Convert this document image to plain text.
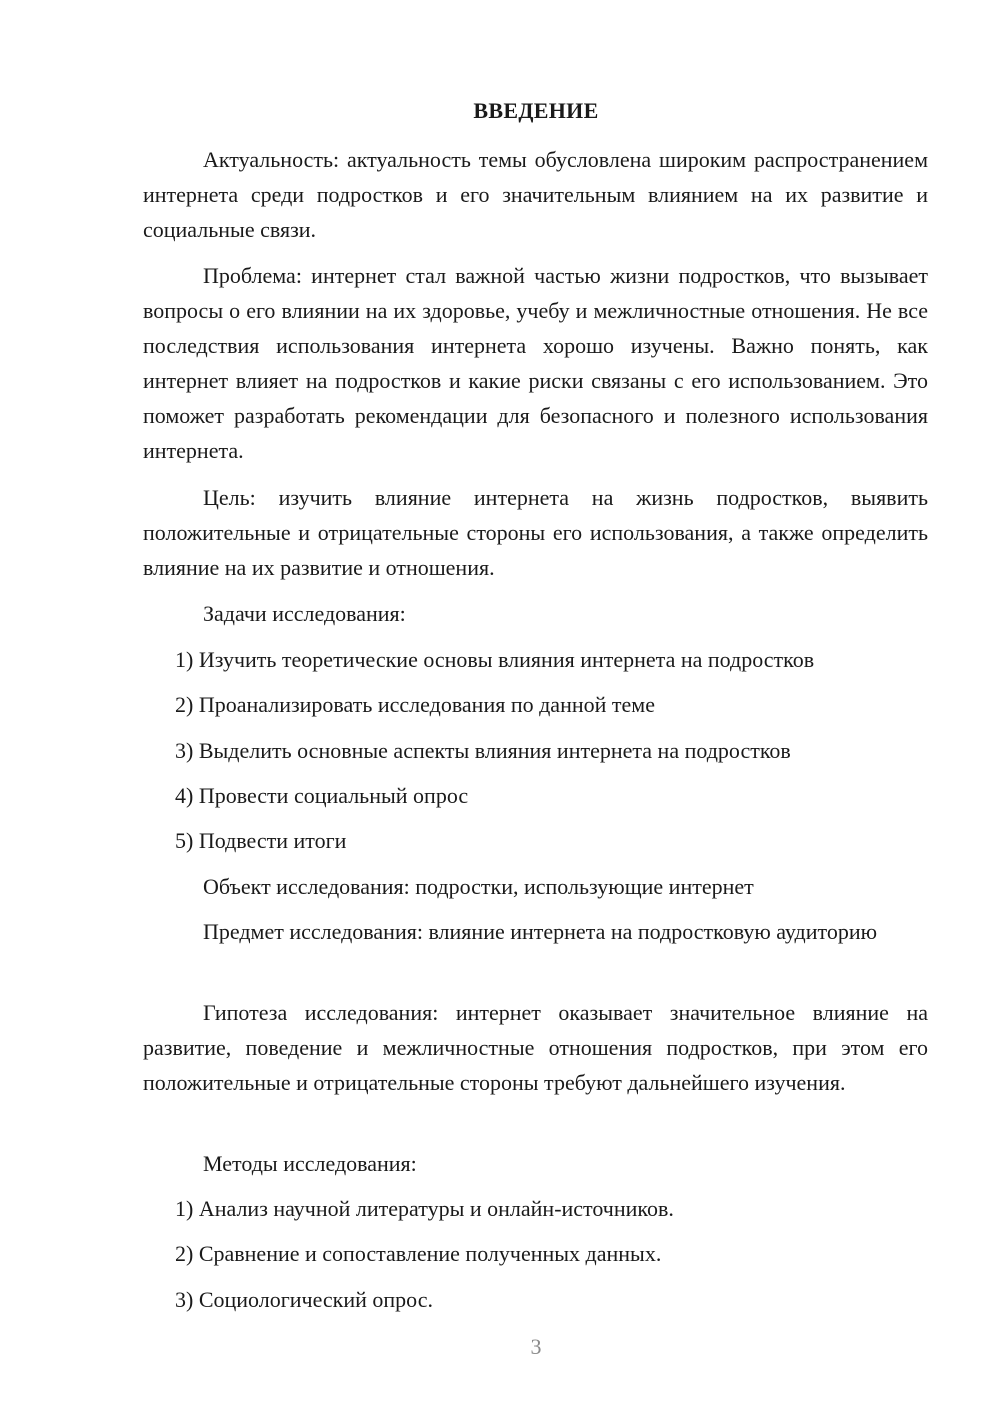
ВВЕДЕНИЕ

Актуальность: актуальность темы обусловлена широким распространением интернета среди подростков и его значительным влиянием на их развитие и социальные связи.

Проблема: интернет стал важной частью жизни подростков, что вызывает вопросы о его влиянии на их здоровье, учебу и межличностные отношения. Не все последствия использования интернета хорошо изучены. Важно понять, как интернет влияет на подростков и какие риски связаны с его использованием. Это поможет разработать рекомендации для безопасного и полезного использования интернета.

Цель: изучить влияние интернета на жизнь подростков, выявить положительные и отрицательные стороны его использования, а также определить влияние на их развитие и отношения.

Задачи исследования:

1) Изучить теоретические основы влияния интернета на подростков

2) Проанализировать исследования по данной теме

3) Выделить основные аспекты влияния интернета на подростков

4) Провести социальный опрос

5) Подвести итоги

Объект исследования: подростки, использующие интернет

Предмет исследования: влияние интернета на подростковую аудиторию

Гипотеза исследования: интернет оказывает значительное влияние на развитие, поведение и межличностные отношения подростков, при этом его положительные и отрицательные стороны требуют дальнейшего изучения.

Методы исследования:

1) Анализ научной литературы и онлайн-источников.

2) Сравнение и сопоставление полученных данных.

3) Социологический опрос.

3
